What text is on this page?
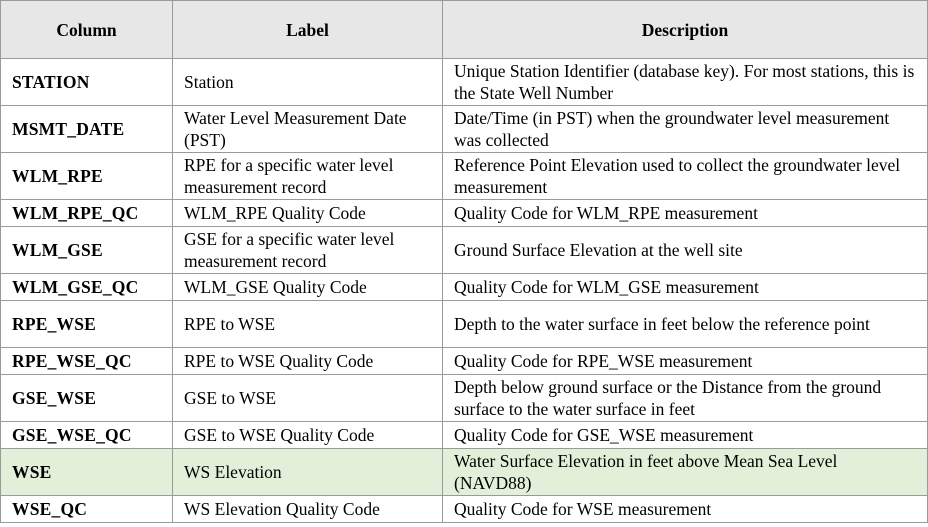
Column	Label	Description
STATION	Station	Unique Station Identifier (database key). For most stations, this is the State Well Number
MSMT_DATE	Water Level Measurement Date (PST)	Date/Time (in PST) when the groundwater level measurement was collected
WLM_RPE	RPE for a specific water level measurement record	Reference Point Elevation used to collect the groundwater level measurement
WLM_RPE_QC	WLM_RPE Quality Code	Quality Code for WLM_RPE measurement
WLM_GSE	GSE for a specific water level measurement record	Ground Surface Elevation at the well site
WLM_GSE_QC	WLM_GSE Quality Code	Quality Code for WLM_GSE measurement
RPE_WSE	RPE to WSE	Depth to the water surface in feet below the reference point
RPE_WSE_QC	RPE to WSE Quality Code	Quality Code for RPE_WSE measurement
GSE_WSE	GSE to WSE	Depth below ground surface or the Distance from the ground surface to the water surface in feet
GSE_WSE_QC	GSE to WSE Quality Code	Quality Code for GSE_WSE measurement
WSE	WS Elevation	Water Surface Elevation in feet above Mean Sea Level (NAVD88)
WSE_QC	WS Elevation Quality Code	Quality Code for WSE measurement
